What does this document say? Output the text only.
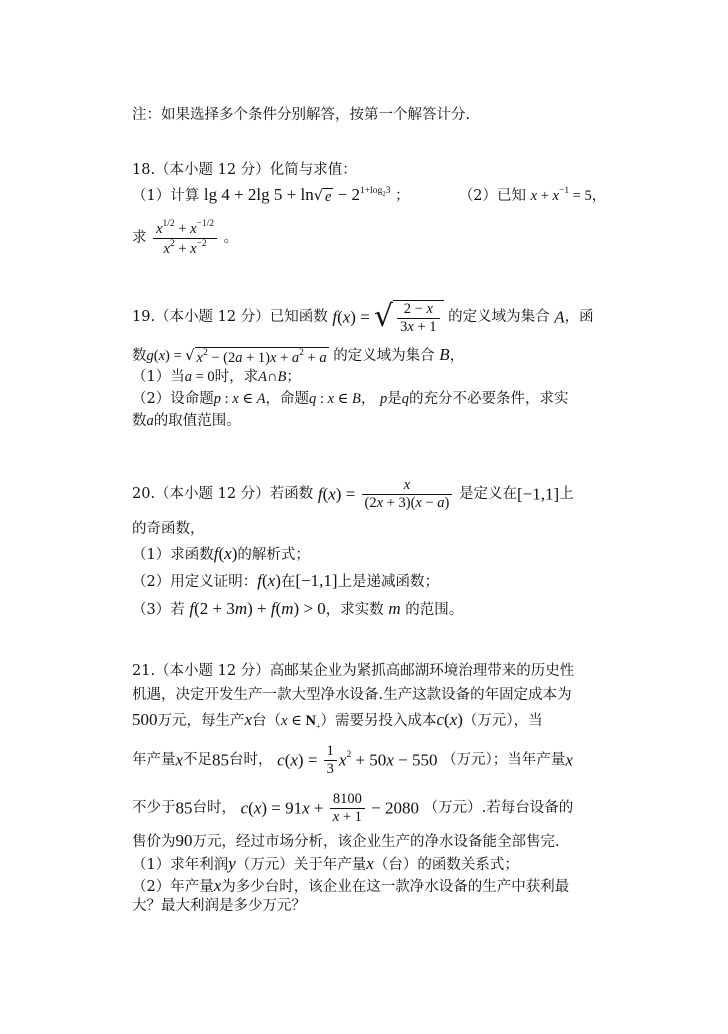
注：如果选择多个条件分别解答，按第一个解答计分.
18.（本小题 12 分）化简与求值：
（1）计算 lg 4 + 2lg 5 + ln√ $e - 2^{1+log_23}$ ；	（2）已知 $x + x^{-1} = 5$，
求 $\frac{x^{1/2} + x^{-1/2}}{x^2 + x^{-2}}$ 。
19.（本小题 12 分）已知函数 f(x) = √ $\frac{2 - x}{3x + 1}$ 的定义域为集合 A，函
数g(x) = √ $x^2 - (2a + 1)x + a^2 + a$ 的定义域为集合 B，
（1）当a = 0时，求A∩B；
（2）设命题p : x ∈ A，命题q : x ∈ B， p是q的充分不必要条件，求实
数a的取值范围。
20.（本小题 12 分）若函数 $f(x) = \frac{x}{(2x + 3)(x - a)}$ 是定义在[−1,1]上
的奇函数，
（1）求函数f(x)的解析式；
（2）用定义证明：f(x)在[−1,1]上是递减函数；
（3）若 f(2 + 3m) + f(m) > 0，求实数 m 的范围。
21.（本小题 12 分）高邮某企业为紧抓高邮湖环境治理带来的历史性
机遇，决定开发生产一款大型净水设备.生产这款设备的年固定成本为
500万元，每生产x台（x ∈ $N_+$）需要另投入成本c(x)（万元），当
年产量x不足85台时， $c(x) = \frac{1}{3} x^2 + 50x - 550$ （万元）；当年产量x
不少于85台时， $c(x) = 91x + \frac{8100}{x + 1} - 2080$ （万元）.若每台设备的
售价为90万元，经过市场分析，该企业生产的净水设备能全部售完.
（1）求年利润y（万元）关于年产量x（台）的函数关系式；
（2）年产量x为多少台时，该企业在这一款净水设备的生产中获利最
大？最大利润是多少万元？
